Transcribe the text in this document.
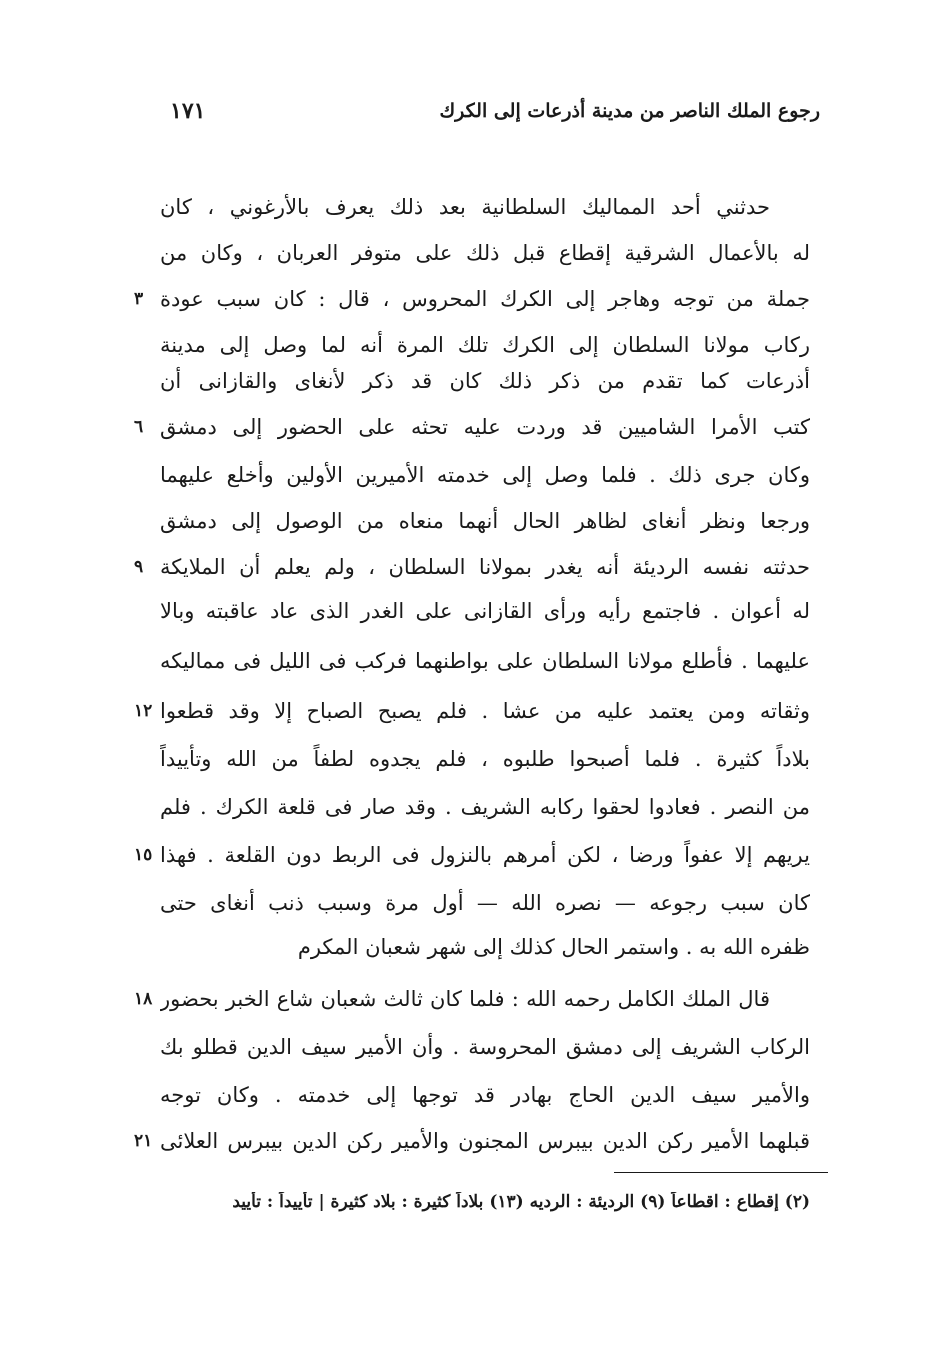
رجوع الملك الناصر من مدينة أذرعات إلى الكرك
١٧١
حدثني أحد المماليك السلطانية بعد ذلك يعرف بالأرغوني ، كان
له بالأعمال الشرقية إقطاع قبل ذلك على متوفر العربان ، وكان من
جملة من توجه وهاجر إلى الكرك المحروس ، قال : كان سبب عودة
٣
ركاب مولانا السلطان إلى الكرك تلك المرة أنه لما وصل إلى مدينة
أذرعات كما تقدم من ذكر ذلك كان قد ذكر لأنغاى والقازانى أن
كتب الأمرا الشاميين قد وردت عليه تحثه على الحضور إلى دمشق
٦
وكان جرى ذلك . فلما وصل إلى خدمته الأميرين الأولين وأخلع عليهما
ورجعا ونظر أنغاى لظاهر الحال أنهما منعاه من الوصول إلى دمشق
حدثته نفسه الرديئة أنه يغدر بمولانا السلطان ، ولم يعلم أن الملايكة
٩
له أعوان . فاجتمع رأيه ورأى القازانى على الغدر الذى عاد عاقبته وبالا
عليهما . فأطلع مولانا السلطان على بواطنهما فركب فى الليل فى مماليكه
وثقاته ومن يعتمد عليه من عشا . فلم يصبح الصباح إلا وقد قطعوا
١٢
بلاداً كثيرة . فلما أصبحوا طلبوه ، فلم يجدوه لطفاً من الله وتأييداً
من النصر . فعادوا لحقوا ركابه الشريف . وقد صار فى قلعة الكرك . فلم
يريهم إلا عفواً ورضا ، لكن أمرهم بالنزول فى الربط دون القلعة . فهذا
١٥
كان سبب رجوعه — نصره الله — أول مرة وسبب ذنب أنغاى حتى
ظفره الله به . واستمر الحال كذلك إلى شهر شعبان المكرم
قال الملك الكامل رحمه الله : فلما كان ثالث شعبان شاع الخبر بحضور
١٨
الركاب الشريف إلى دمشق المحروسة . وأن الأمير سيف الدين قطلو بك
والأمير سيف الدين الحاج بهادر قد توجها إلى خدمته . وكان توجه
قبلهما الأمير ركن الدين بيبرس المجنون والأمير ركن الدين بيبرس العلائى
٢١
(٢) إقطاع : اقطاعاً (٩) الرديئة : الرديه (١٣) بلاداً كثيرة : بلاد كثيرة | تأييداً : تأييد
